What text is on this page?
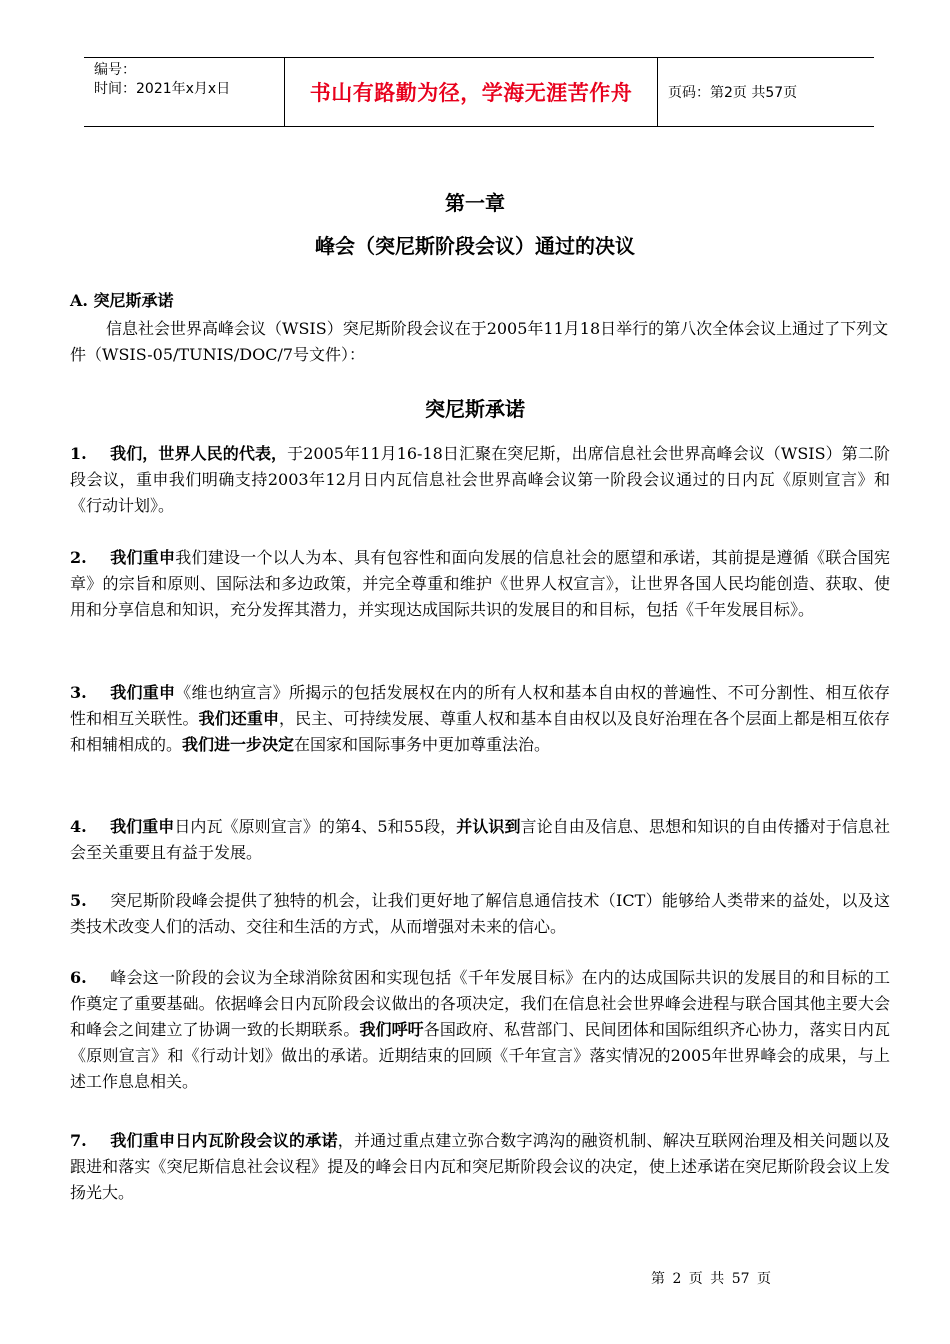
编号：
时间：2021年x月x日	书山有路勤为径，学海无涯苦作舟	页码：第2页 共57页
第一章
峰会（突尼斯阶段会议）通过的决议
A. 突尼斯承诺

信息社会世界高峰会议（WSIS）突尼斯阶段会议在于2005年11月18日举行的第八次全体会议上通过了下列文件（WSIS-05/TUNIS/DOC/7号文件）：

突尼斯承诺

1. 我们，世界人民的代表，于2005年11月16-18日汇聚在突尼斯，出席信息社会世界高峰会议（WSIS）第二阶段会议，重申我们明确支持2003年12月日内瓦信息社会世界高峰会议第一阶段会议通过的日内瓦《原则宣言》和《行动计划》。

2. 我们重申我们建设一个以人为本、具有包容性和面向发展的信息社会的愿望和承诺，其前提是遵循《联合国宪章》的宗旨和原则、国际法和多边政策，并完全尊重和维护《世界人权宣言》，让世界各国人民均能创造、获取、使用和分享信息和知识，充分发挥其潜力，并实现达成国际共识的发展目的和目标，包括《千年发展目标》。

3. 我们重申《维也纳宣言》所揭示的包括发展权在内的所有人权和基本自由权的普遍性、不可分割性、相互依存性和相互关联性。我们还重申，民主、可持续发展、尊重人权和基本自由权以及良好治理在各个层面上都是相互依存和相辅相成的。我们进一步决定在国家和国际事务中更加尊重法治。

4. 我们重申日内瓦《原则宣言》的第4、5和55段，并认识到言论自由及信息、思想和知识的自由传播对于信息社会至关重要且有益于发展。

5. 突尼斯阶段峰会提供了独特的机会，让我们更好地了解信息通信技术（ICT）能够给人类带来的益处，以及这类技术改变人们的活动、交往和生活的方式，从而增强对未来的信心。

6. 峰会这一阶段的会议为全球消除贫困和实现包括《千年发展目标》在内的达成国际共识的发展目的和目标的工作奠定了重要基础。依据峰会日内瓦阶段会议做出的各项决定，我们在信息社会世界峰会进程与联合国其他主要大会和峰会之间建立了协调一致的长期联系。我们呼吁各国政府、私营部门、民间团体和国际组织齐心协力，落实日内瓦《原则宣言》和《行动计划》做出的承诺。近期结束的回顾《千年宣言》落实情况的2005年世界峰会的成果，与上述工作息息相关。

7. 我们重申日内瓦阶段会议的承诺，并通过重点建立弥合数字鸿沟的融资机制、解决互联网治理及相关问题以及跟进和落实《突尼斯信息社会议程》提及的峰会日内瓦和突尼斯阶段会议的决定，使上述承诺在突尼斯阶段会议上发扬光大。

第 2 页 共 57 页
